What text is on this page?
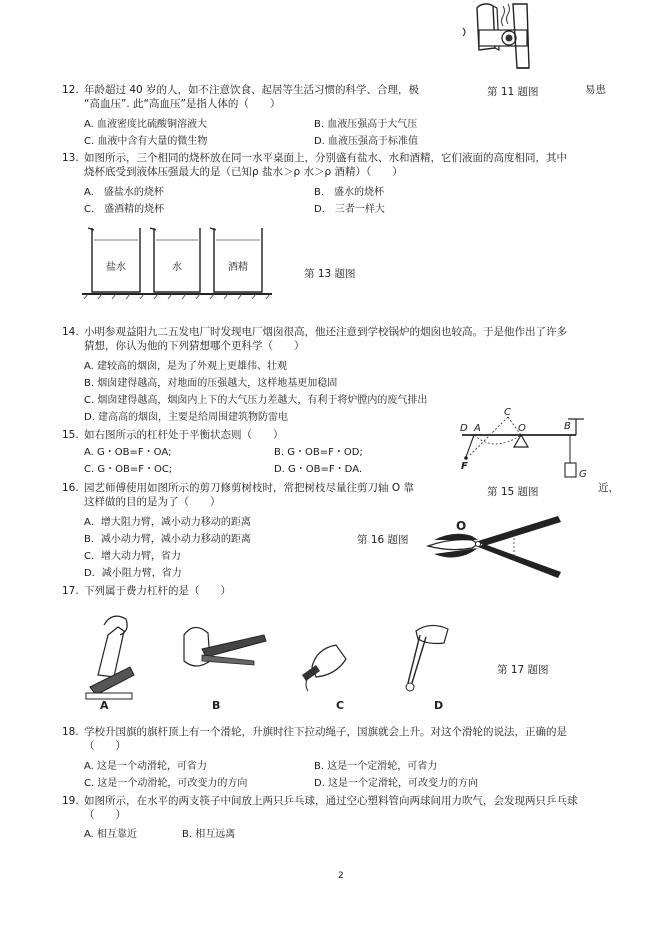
12. 年龄超过 40 岁的人，如不注意饮食、起居等生活习惯的科学、合理，极
“高血压”. 此“高血压”是指人体的（　　）
第 11 题图	易患
A. 血液密度比硫酸铜溶液大	B. 血液压强高于大气压
C. 血液中含有大量的微生物	D. 血液压强高于标准值
13. 如图所示，三个相同的烧杯放在同一水平桌面上，分别盛有盐水、水和酒精，它们液面的高度相同，其中
烧杯底受到液体压强最大的是（已知ρ 盐水＞ρ 水＞ρ 酒精）（　　）
A.　盛盐水的烧杯	B.　盛水的烧杯
C.　盛酒精的烧杯	D.　三者一样大
盐水	水	酒精
第 13 题图
14. 小明参观益阳九二五发电厂时发现电厂烟囱很高，他还注意到学校锅炉的烟囱也较高。于是他作出了许多
猜想，你认为他的下列猜想哪个更科学（　　）
A. 建较高的烟囱，是为了外观上更雄伟、壮观
B. 烟囱建得越高，对地面的压强越大，这样地基更加稳固
C. 烟囱建得越高，烟囱内上下的大气压力差越大，有利于将炉膛内的废气排出
D. 建高高的烟囱，主要是给周围建筑物防雷电
15. 如右图所示的杠杆处于平衡状态则（　　）
A. G・OB=F・OA;	B. G・OB=F・OD;
C. G・OB=F・OC;	D. G・OB=F・DA.
D A
C
O	B
F
G
16. 园艺师傅使用如图所示的剪刀修剪树枝时，常把树枝尽量往剪刀轴 O 靠
这样做的目的是为了（　　）
第 15 题图	近，
A．增大阻力臂，减小动力移动的距离
B．减小动力臂，减小动力移动的距离
C．增大动力臂，省力
D．减小阻力臂，省力
第 16 题图
O
17. 下列属于费力杠杆的是（　　）
A	B	C	D
第 17 题图
18. 学校升国旗的旗杆顶上有一个滑轮，升旗时往下拉动绳子，国旗就会上升。对这个滑轮的说法，正确的是
（　　）
A. 这是一个动滑轮，可省力	B. 这是一个定滑轮，可省力
C. 这是一个动滑轮，可改变力的方向	D. 这是一个定滑轮，可改变力的方向
19. 如图所示，在水平的两支筷子中间放上两只乒乓球，通过空心塑料管向两球间用力吹气，会发现两只乒乓球
（　　）
A. 相互靠近	B. 相互远离
2
